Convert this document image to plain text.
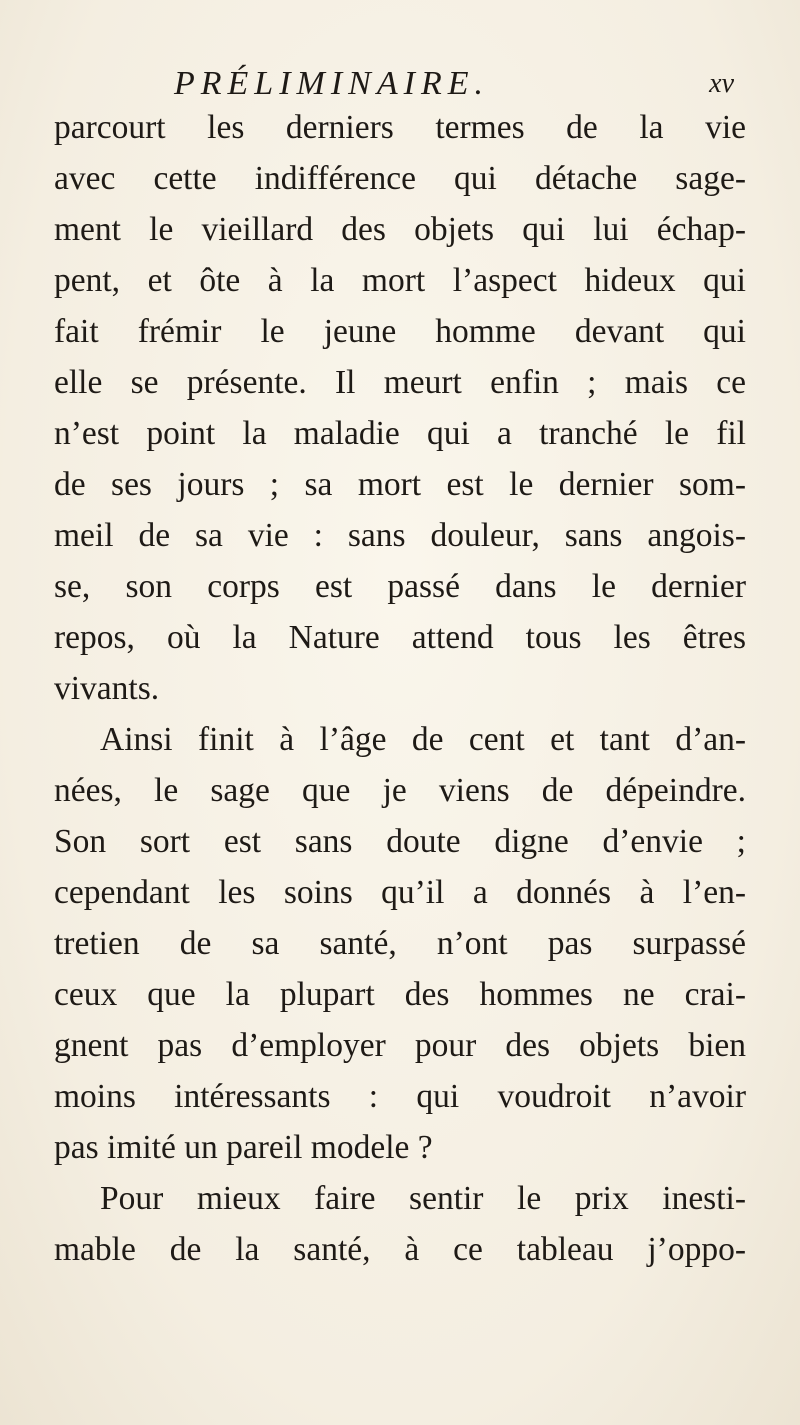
PRÉLIMINAIRE.	xv
parcourt les derniers termes de la vie
avec cette indifférence qui détache sage-
ment le vieillard des objets qui lui échap-
pent, et ôte à la mort l’aspect hideux qui
fait frémir le jeune homme devant qui
elle se présente. Il meurt enfin ; mais ce
n’est point la maladie qui a tranché le fil
de ses jours ; sa mort est le dernier som-
meil de sa vie : sans douleur, sans angois-
se, son corps est passé dans le dernier
repos, où la Nature attend tous les êtres
vivants.
Ainsi finit à l’âge de cent et tant d’an-
nées, le sage que je viens de dépeindre.
Son sort est sans doute digne d’envie ;
cependant les soins qu’il a donnés à l’en-
tretien de sa santé, n’ont pas surpassé
ceux que la plupart des hommes ne crai-
gnent pas d’employer pour des objets bien
moins intéressants : qui voudroit n’avoir
pas imité un pareil modele ?
Pour mieux faire sentir le prix inesti-
mable de la santé, à ce tableau j’oppo-
